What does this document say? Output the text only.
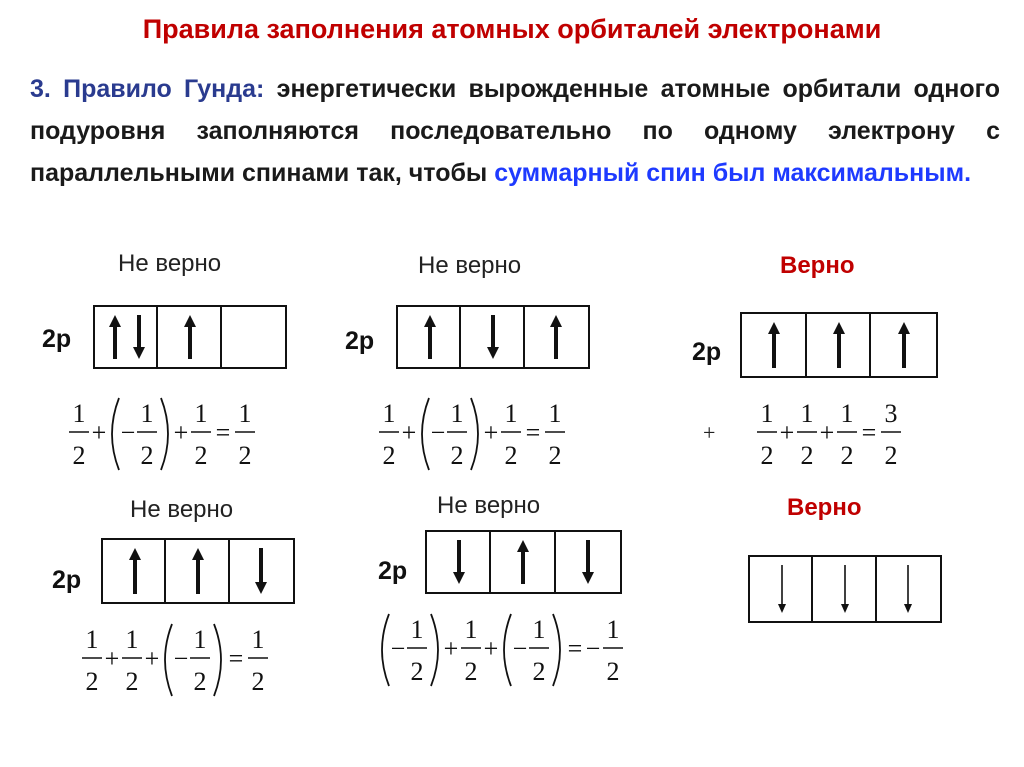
Правила заполнения атомных орбиталей электронами
3. Правило Гунда: энергетически вырожденные атомные орбитали одного подуровня заполняются последовательно по одному электрону с параллельными спинами так, чтобы суммарный спин был максимальным.
Не верно
2p
1
2
+ −
1
2
+
1
2
=
1
2
Не верно
2p
1
2
+ −
1
2
+
1
2
=
1
2
Верно
2p
+
1
2
+
1
2
+
1
2
=
3
2
Не верно
2p
1
2
+
1
2
+ −
1
2
=
1
2
Не верно
2p
−
1
2
+
1
2
+ −
1
2
= −
1
2
Верно
